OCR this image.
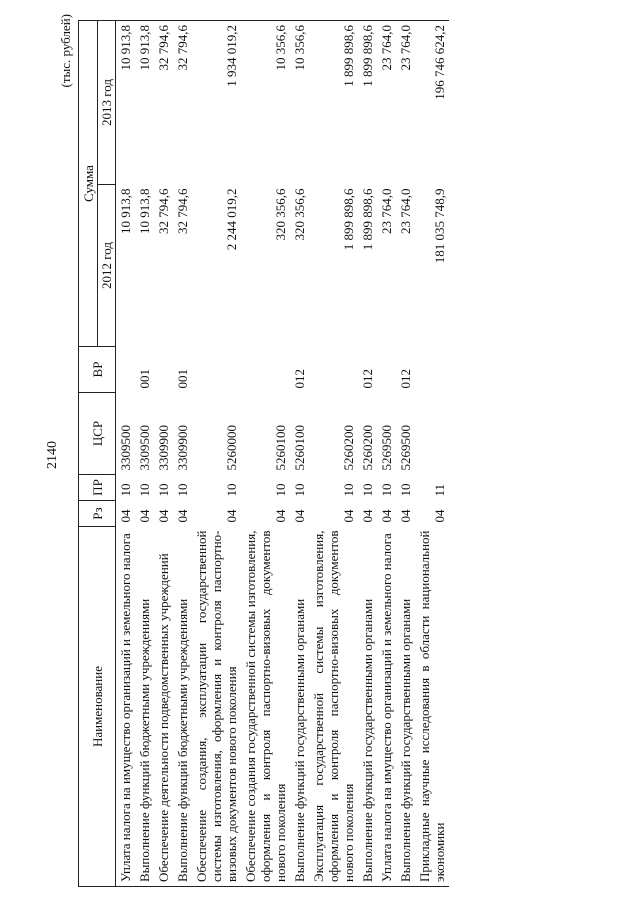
2140
(тыс. рублей)
Наименование	Рз	ПР	ЦСР	ВР	Сумма	
					2012 год	2013 год
Уплата налога на имущество организаций и земельного налога	04	10	3309500		10 913,8	10 913,8
Выполнение функций бюджетными учреждениями	04	10	3309500	001	10 913,8	10 913,8
Обеспечение деятельности подведомственных учреждений	04	10	3309900		32 794,6	32 794,6
Выполнение функций бюджетными учреждениями	04	10	3309900	001	32 794,6	32 794,6
Обеспечение создания, эксплуатации государственной системы изготовления, оформления и контроля паспортно-визовых документов нового поколения	04	10	5260000		2 244 019,2	1 934 019,2
Обеспечение создания государственной системы изготовления, оформления и контроля паспортно-визовых документов нового поколения	04	10	5260100		320 356,6	10 356,6
Выполнение функций государственными органами	04	10	5260100	012	320 356,6	10 356,6
Эксплуатация государственной системы изготовления, оформления и контроля паспортно-визовых документов нового поколения	04	10	5260200		1 899 898,6	1 899 898,6
Выполнение функций государственными органами	04	10	5260200	012	1 899 898,6	1 899 898,6
Уплата налога на имущество организаций и земельного налога	04	10	5269500		23 764,0	23 764,0
Выполнение функций государственными органами	04	10	5269500	012	23 764,0	23 764,0
Прикладные научные исследования в области национальной экономики	04	11			181 035 748,9	196 746 624,2
